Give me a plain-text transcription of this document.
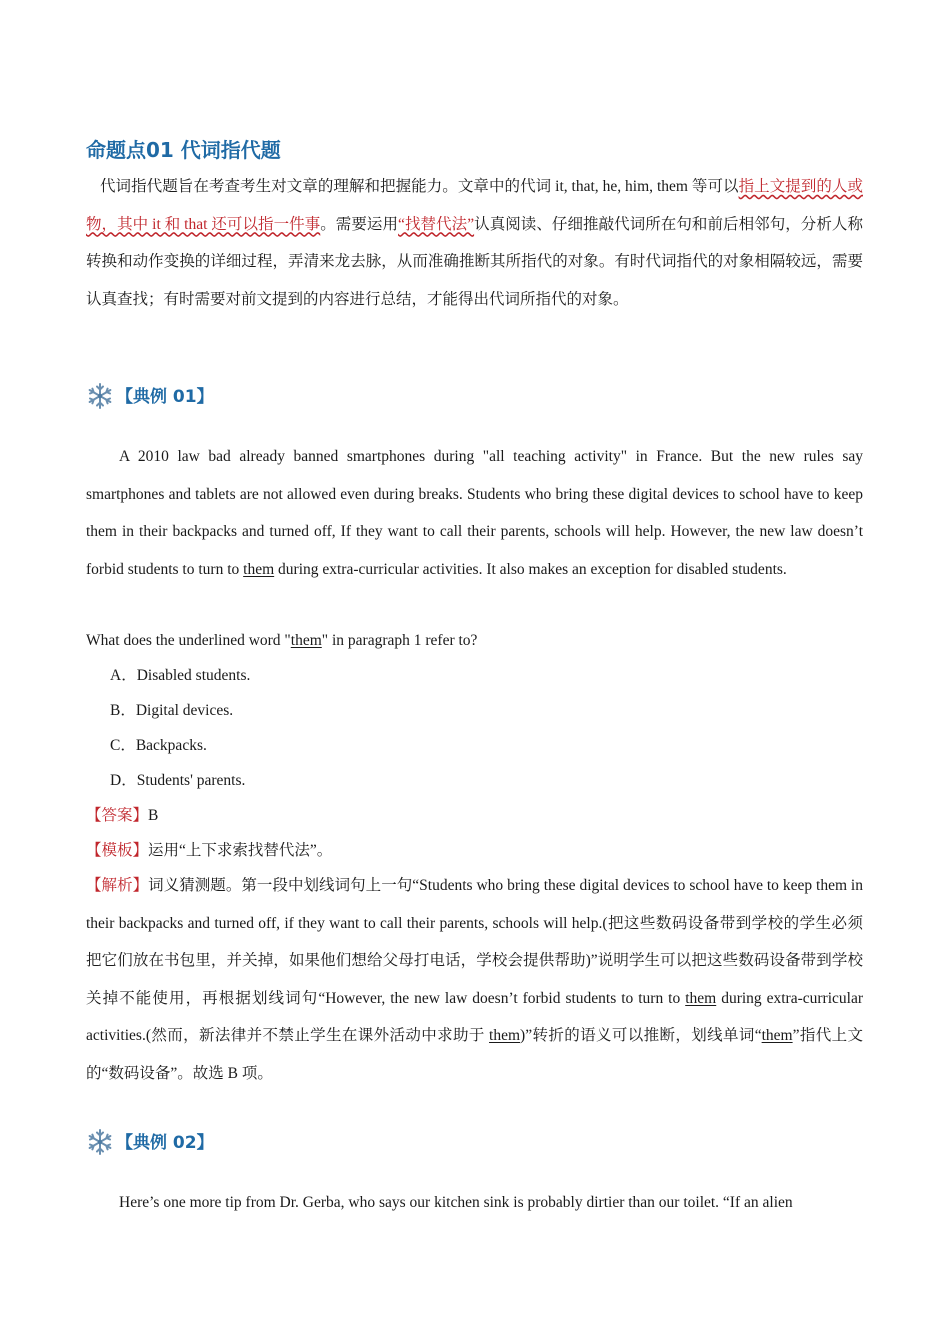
命题点01 代词指代题
代词指代题旨在考查考生对文章的理解和把握能力。文章中的代词 it, that, he, him, them 等可以指上文提到的人或物，其中 it 和 that 还可以指一件事。需要运用“找替代法”认真阅读、仔细推敲代词所在句和前后相邻句，分析人称转换和动作变换的详细过程，弄清来龙去脉，从而准确推断其所指代的对象。有时代词指代的对象相隔较远，需要认真查找；有时需要对前文提到的内容进行总结，才能得出代词所指代的对象。
【典例 01】
A 2010 law bad already banned smartphones during "all teaching activity" in France. But the new rules say smartphones and tablets are not allowed even during breaks. Students who bring these digital devices to school have to keep them in their backpacks and turned off, If they want to call their parents, schools will help. However, the new law doesn’t forbid students to turn to them during extra-curricular activities. It also makes an exception for disabled students.
What does the underlined word "them" in paragraph 1 refer to?
A．Disabled students.
B．Digital devices.
C．Backpacks.
D．Students' parents.
【答案】B
【模板】运用“上下求索找替代法”。
【解析】词义猜测题。第一段中划线词句上一句“Students who bring these digital devices to school have to keep them in their backpacks and turned off, if they want to call their parents, schools will help.(把这些数码设备带到学校的学生必须把它们放在书包里，并关掉，如果他们想给父母打电话，学校会提供帮助)”说明学生可以把这些数码设备带到学校关掉不能使用，再根据划线词句“However, the new law doesn’t forbid students to turn to them during extra-curricular activities.(然而，新法律并不禁止学生在课外活动中求助于 them)”转折的语义可以推断，划线单词“them”指代上文的“数码设备”。故选 B 项。
【典例 02】
Here’s one more tip from Dr. Gerba, who says our kitchen sink is probably dirtier than our toilet. “If an alien
